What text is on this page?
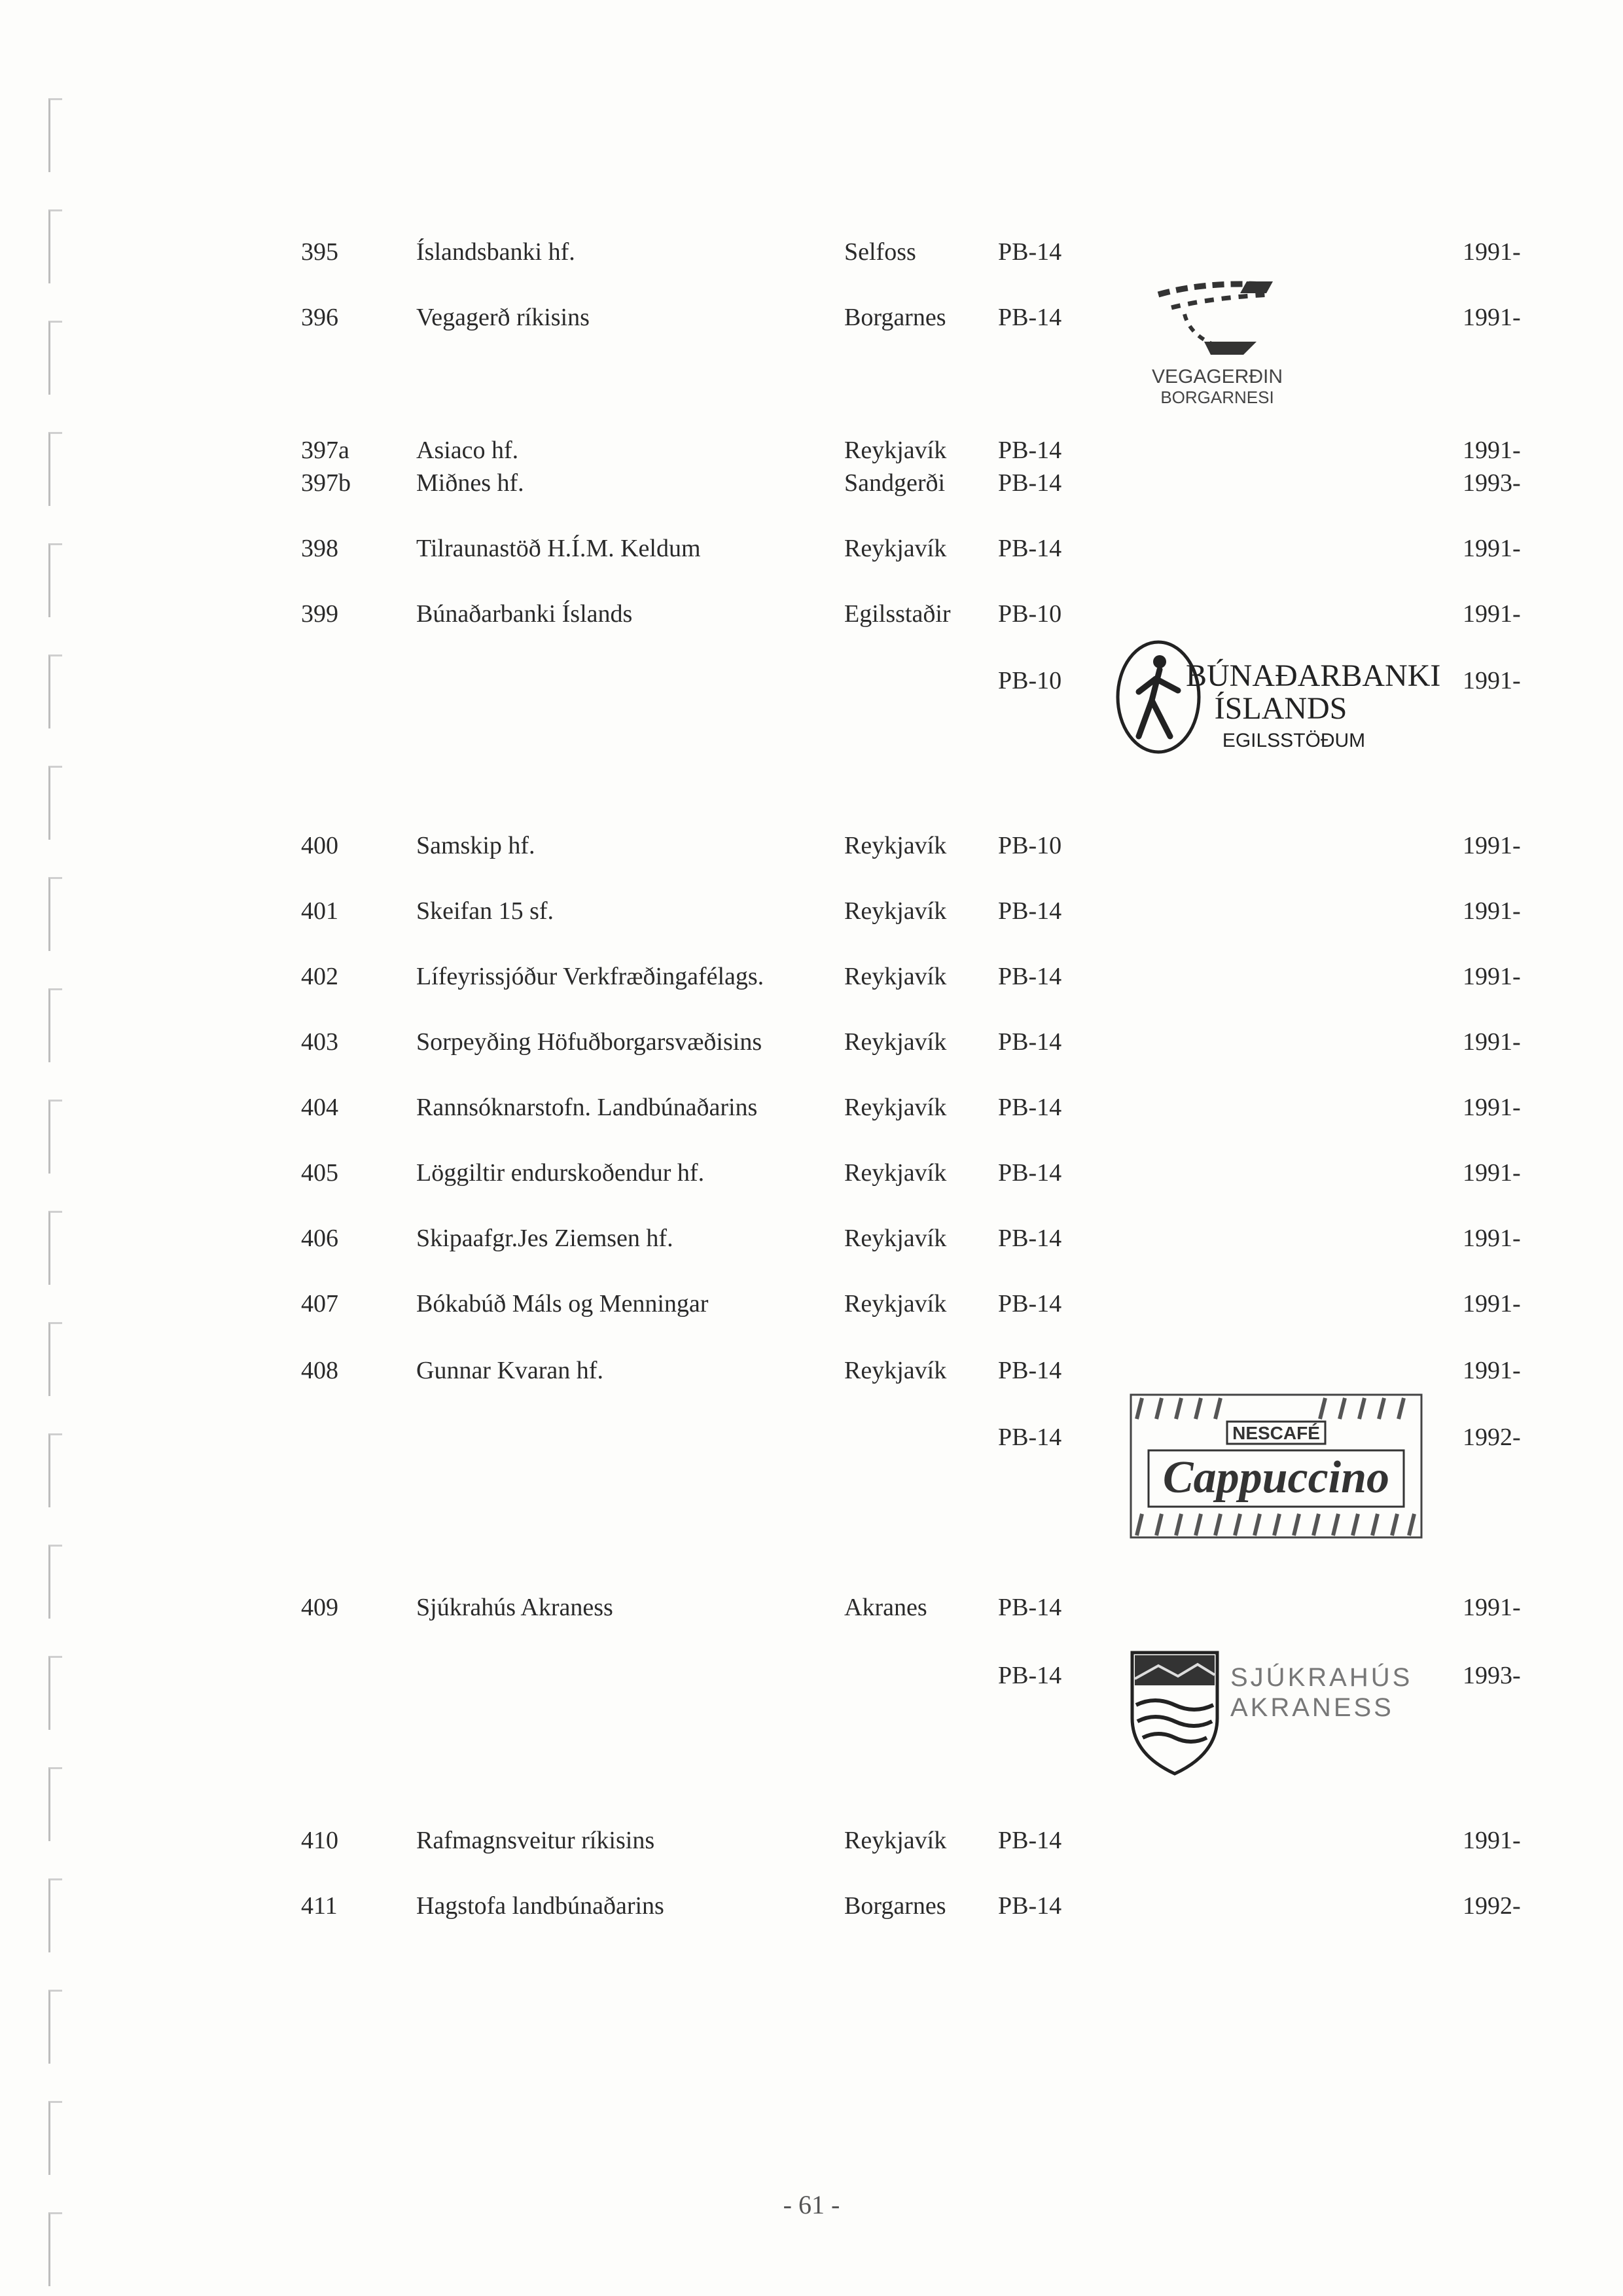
395	Íslandsbanki hf.	Selfoss	PB-14	1991-
396	Vegagerð ríkisins	Borgarnes PB-14	1991-
397a	Asiaco hf.	Reykjavík PB-14	1991-
397b	Miðnes hf.	Sandgerði PB-14	1993-
398	Tilraunastöð H.Í.M. Keldum	Reykjavík PB-14	1991-
399	Búnaðarbanki Íslands	Egilsstaðir PB-10	1991-
PB-10	1991-
400	Samskip hf.	Reykjavík PB-10	1991-
401	Skeifan 15 sf.	Reykjavík PB-14	1991-
402	Lífeyrissjóður Verkfræðingafélags.	Reykjavík PB-14	1991-
403	Sorpeyðing Höfuðborgarsvæðisins	Reykjavík PB-14	1991-
404	Rannsóknarstofn. Landbúnaðarins	Reykjavík PB-14	1991-
405	Löggiltir endurskoðendur hf.	Reykjavík PB-14	1991-
406	Skipaafgr.Jes Ziemsen hf.	Reykjavík PB-14	1991-
407	Bókabúð Máls og Menningar	Reykjavík PB-14	1991-
408	Gunnar Kvaran hf.	Reykjavík PB-14	1991-
PB-14	1992-
409	Sjúkrahús Akraness	Akranes	PB-14	1991-
PB-14	1993-
410	Rafmagnsveitur ríkisins	Reykjavík PB-14	1991-
411	Hagstofa landbúnaðarins	Borgarnes PB-14	1992-
VEGAGERÐIN
BORGARNESI
BÚNAÐARBANKI
ÍSLANDS
EGILSSTÖÐUM
NESCAFÉ
Cappuccino
SJÚKRAHÚS
AKRANESS
- 61 -
